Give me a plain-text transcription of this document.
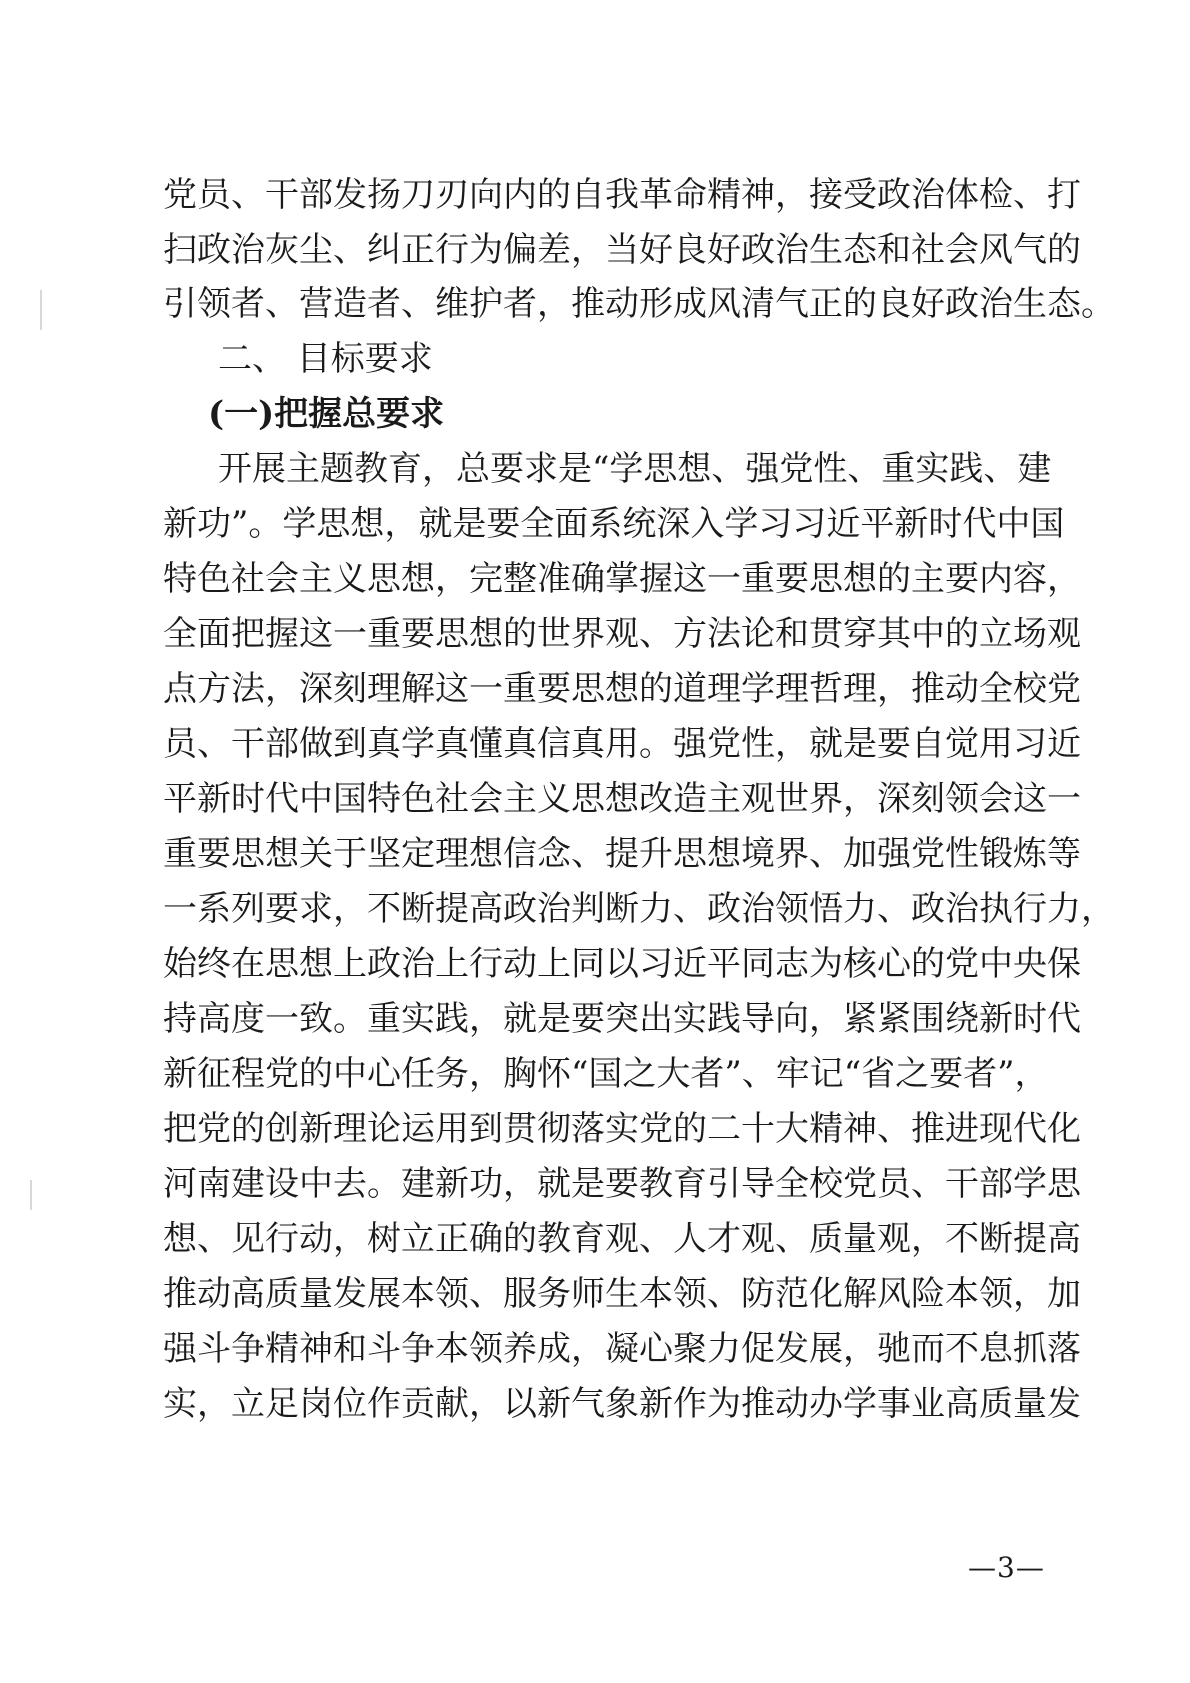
党员、干部发扬刀刃向内的自我革命精神，接受政治体检、打
扫政治灰尘、纠正行为偏差，当好良好政治生态和社会风气的
引领者、营造者、维护者，推动形成风清气正的良好政治生态。
二、 目标要求
(一)把握总要求
开展主题教育，总要求是“学思想、强党性、重实践、建
新功”。学思想，就是要全面系统深入学习习近平新时代中国
特色社会主义思想，完整准确掌握这一重要思想的主要内容，
全面把握这一重要思想的世界观、方法论和贯穿其中的立场观
点方法，深刻理解这一重要思想的道理学理哲理，推动全校党
员、干部做到真学真懂真信真用。强党性，就是要自觉用习近
平新时代中国特色社会主义思想改造主观世界，深刻领会这一
重要思想关于坚定理想信念、提升思想境界、加强党性锻炼等
一系列要求，不断提高政治判断力、政治领悟力、政治执行力，
始终在思想上政治上行动上同以习近平同志为核心的党中央保
持高度一致。重实践，就是要突出实践导向，紧紧围绕新时代
新征程党的中心任务，胸怀“国之大者”、牢记“省之要者”，
把党的创新理论运用到贯彻落实党的二十大精神、推进现代化
河南建设中去。建新功，就是要教育引导全校党员、干部学思
想、见行动，树立正确的教育观、人才观、质量观，不断提高
推动高质量发展本领、服务师生本领、防范化解风险本领，加
强斗争精神和斗争本领养成，凝心聚力促发展，驰而不息抓落
实，立足岗位作贡献，以新气象新作为推动办学事业高质量发
—3—
